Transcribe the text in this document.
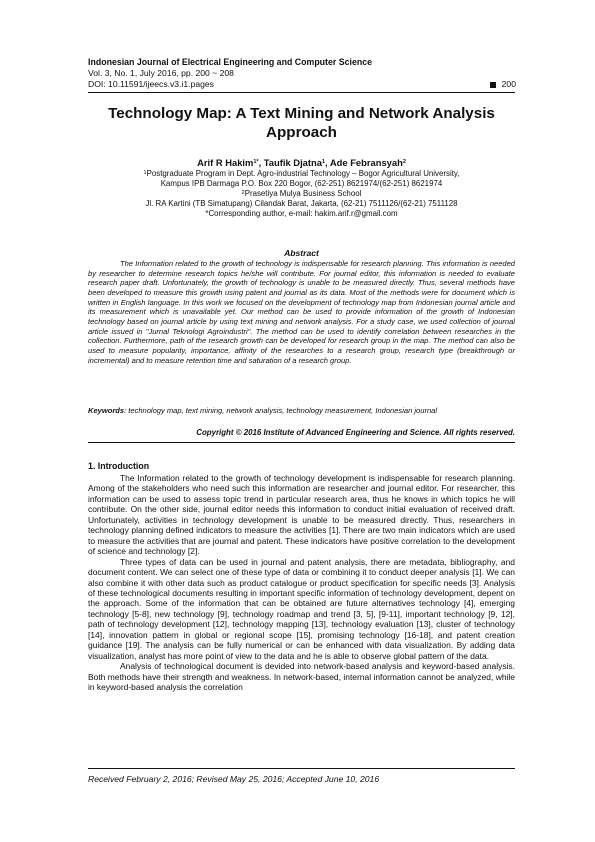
Indonesian Journal of Electrical Engineering and Computer Science
Vol. 3, No. 1, July 2016, pp. 200 ~ 208
DOI: 10.11591/ijeecs.v3.i1.pages	200
Technology Map: A Text Mining and Network Analysis
Approach
Arif R Hakim$^{1*}$, Taufik Djatna$^1$, Ade Febransyah$^2$
$^1$Postgraduate Program in Dept. Agro-industrial Technology – Bogor Agricultural University,
Kampus IPB Darmaga P.O. Box 220 Bogor, (62-251) 8621974/(62-251) 8621974
$^2$Prasetiya Mulya Business School
Jl. RA Kartini (TB Simatupang) Cilandak Barat, Jakarta, (62-21) 7511126/(62-21) 7511128
*Corresponding author, e-mail: hakim.arif.r@gmail.com
Abstract

The Information related to the growth of technology is indispensable for research planning. This information is needed by researcher to determine research topics he/she will contribute. For journal editor, this information is needed to evaluate research paper draft. Unfortunately, the growth of technology is unable to be measured directly. Thus, several methods have been developed to measure this growth using patent and journal as its data. Most of the methods were for document which is written in English language. In this work we focused on the development of technology map from Indonesian journal article and its measurement which is unavailable yet. Our method can be used to provide information of the growth of Indonesian technology based on journal article by using text mining and network analysis. For a study case, we used collection of journal article issued in "Jurnal Teknologi Agroindustri". The method can be used to identify correlation between researches in the collection. Furthermore, path of the research growth can be developed for research group in the map. The method can also be used to measure popularity, importance, affinity of the researches to a research group, research type (breakthrough or incremental) and to measure retention time and saturation of a research group.

Keywords: technology map, text mining, network analysis, technology measurement, Indonesian journal
Copyright © 2016 Institute of Advanced Engineering and Science. All rights reserved.
1. Introduction

The Information related to the growth of technology development is indispensable for research planning. Among of the stakeholders who need such this information are researcher and journal editor. For researcher, this information can be used to assess topic trend in particular research area, thus he knows in which topics he will contribute. On the other side, journal editor needs this information to conduct initial evaluation of received draft. Unfortunately, activities in technology development is unable to be measured directly. Thus, researchers in technology planning defined indicators to measure the activities [1]. There are two main indicators which are used to measure the activities that are journal and patent. These indicators have positive correlation to the development of science and technology [2].

Three types of data can be used in journal and patent analysis, there are metadata, bibliography, and document content. We can select one of these type of data or combining it to conduct deeper analysis [1]. We can also combine it with other data such as product catalogue or product specification for specific needs [3]. Analysis of these technological documents resulting in important specific information of technology development, depent on the approach. Some of the information that can be obtained are future alternatives technology [4], emerging technology [5-8], new technology [9], technology roadmap and trend [3, 5], [9-11], important technology [9, 12], path of technology development [12], technology mapping [13], technology evaluation [13], cluster of technology [14], innovation pattern in global or regional scope [15], promising technology [16-18], and patent creation guidance [19]. The analysis can be fully numerical or can be enhanced with data visualization. By adding data visualization, analyst has more point of view to the data and he is able to observe global pattern of the data.

Analysis of technological document is devided into network-based analysis and keyword-based analysis. Both methods have their strength and weakness. In network-based, internal information cannot be analyzed, while in keyword-based analysis the correlation

Received February 2, 2016; Revised May 25, 2016; Accepted June 10, 2016
